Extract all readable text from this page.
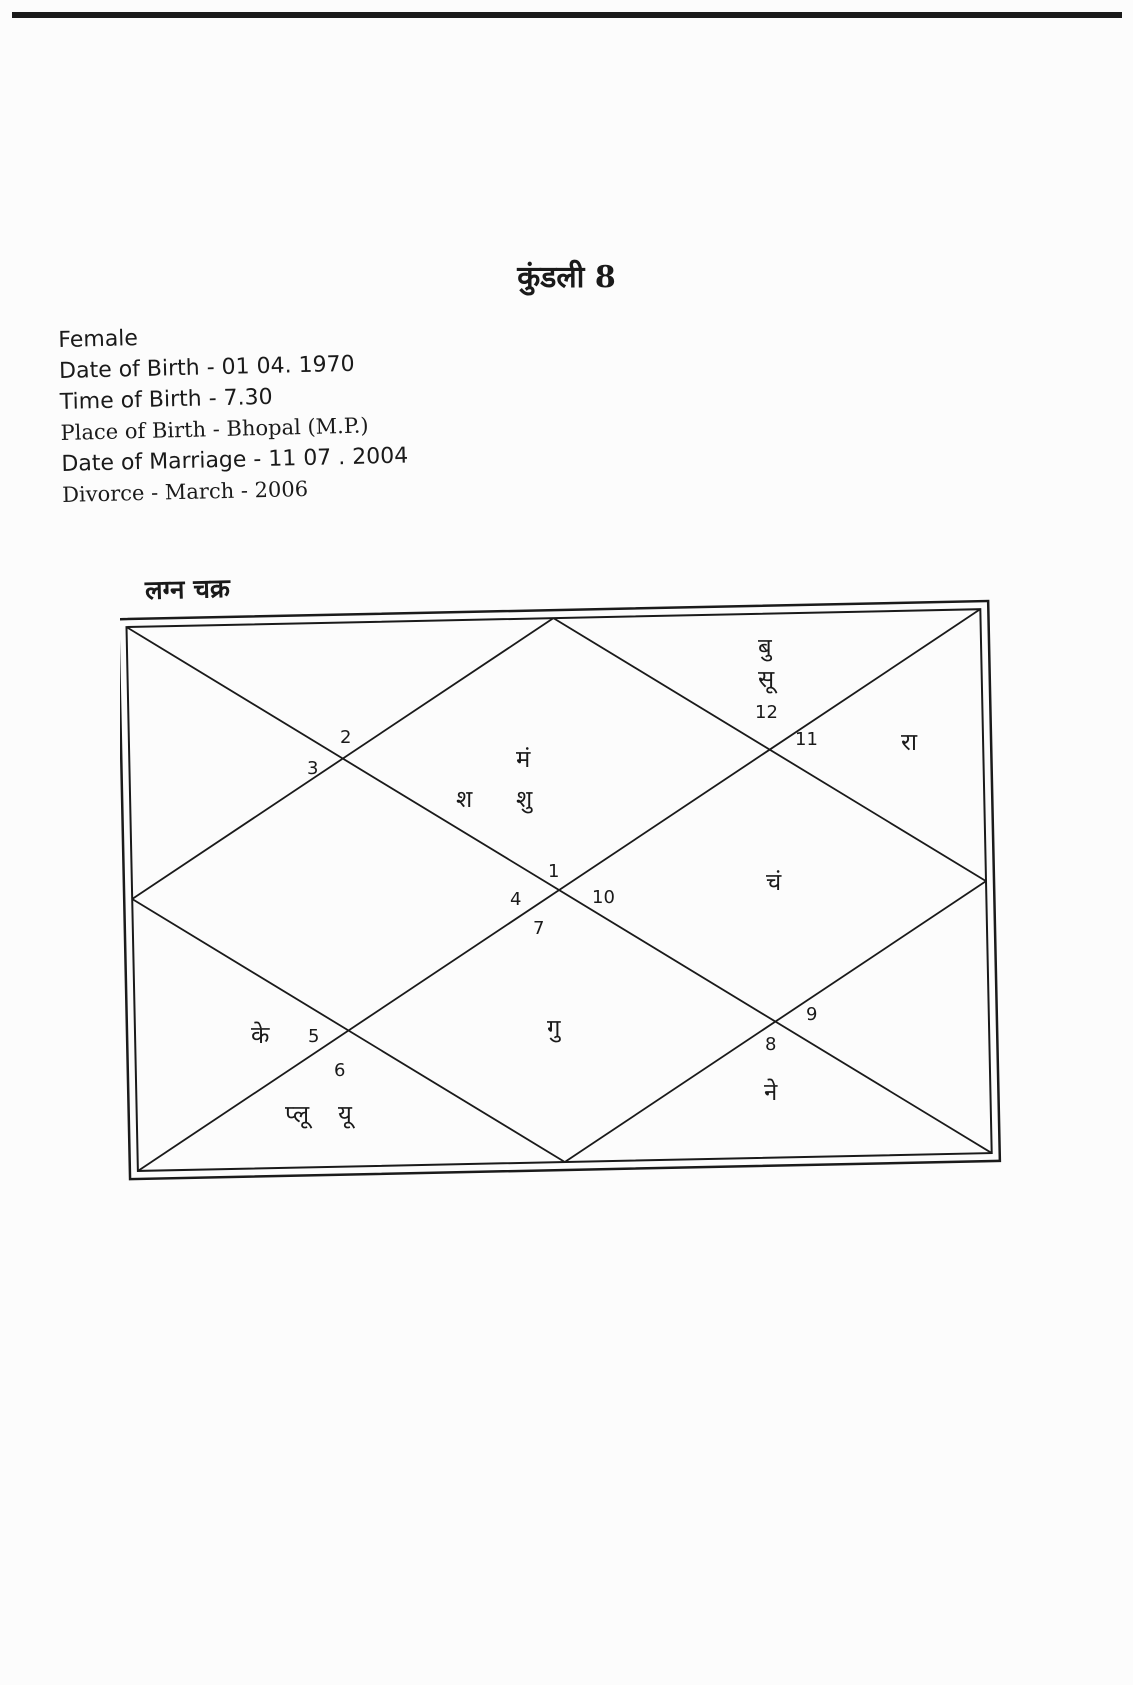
कुंडली 8
Female
Date of Birth - 01 04. 1970
Time of Birth - 7.30
Place of Birth - Bhopal (M.P.)
Date of Marriage - 11 07 . 2004
Divorce - March - 2006
लग्न चक्र
2
3
1
4	10
7
12
11
5
6
9
8
बु
सू
रा
मं
श शु
चं
गु
के
प्लू यू
ने
